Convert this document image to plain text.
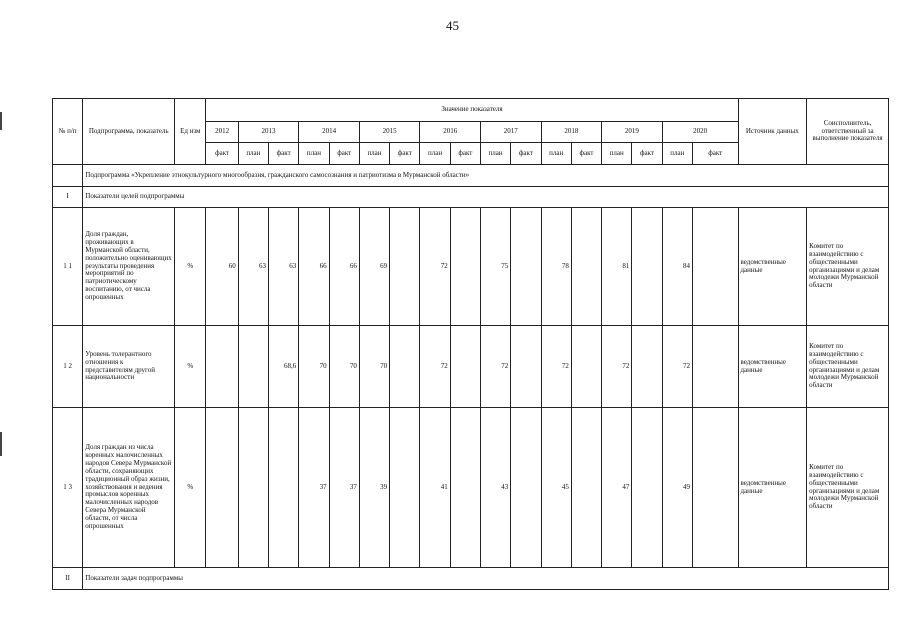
45
№ п/п	Подпрограмма, показатель	Ед изм	Значение показателя																	Источник данных	Соисполнитель, ответственный за выполнение показателя
			2012	2013		2014		2015		2016		2017		2018		2019		2020			
			факт	план	факт	план	факт	план	факт	план	факт	план	факт	план	факт	план	факт	план	факт		
	Подпрограмма «Укрепление этнокультурного многообразия, гражданского самосознания и патриотизма в Мурманской области»																				
I	Показатели целей подпрограммы																				
1 1	Доля граждан, проживающих в Мурманской области, положительно оценивающих результаты проведения мероприятий по патриотическому воспитанию, от числа опрошенных	%	60	63	63	66	66	69		72		75		78		81		84		ведомственные данные	Комитет по взаимодействию с общественными организациями и делам молодежи Мурманской области
1 2	Уровень толерантного отношения к представителям другой национальности	%			68,6	70	70	70		72		72		72		72		72		ведомственные данные	Комитет по взаимодействию с общественными организациями и делам молодежи Мурманской области
1 3	Доля граждан из числа коренных малочисленных народов Севера Мурманской области, сохраняющих традиционный образ жизни, хозяйствования и ведения промыслов коренных малочисленных народов Севера Мурманской области, от числа опрошенных	%				37	37	39		41		43		45		47		49		ведомственные данные	Комитет по взаимодействию с общественными организациями и делам молодежи Мурманской области
II	Показатели задач подпрограммы																				
